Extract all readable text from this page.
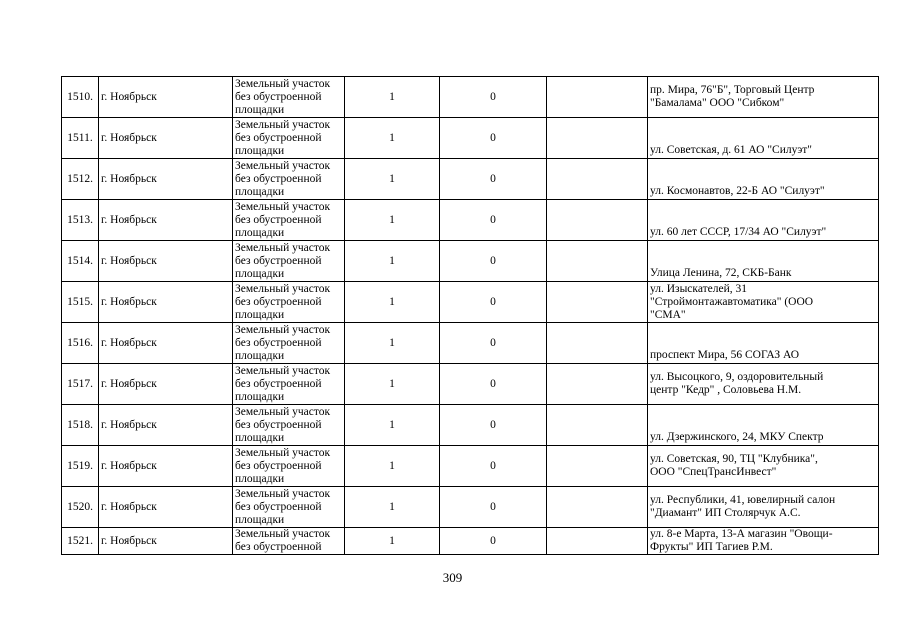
1510.	г. Ноябрьск	Земельный участок
без обустроенной
площадки	1	0		пр. Мира, 76"Б", Торговый Центр
"Бамалама" ООО "Сибком"

1511.	г. Ноябрьск	Земельный участок
без обустроенной
площадки	1	0		ул. Советская, д. 61 АО "Силуэт"

1512.	г. Ноябрьск	Земельный участок
без обустроенной
площадки	1	0		ул. Космонавтов, 22-Б АО "Силуэт"

1513.	г. Ноябрьск	Земельный участок
без обустроенной
площадки	1	0		ул. 60 лет СССР, 17/34 АО "Силуэт"

1514.	г. Ноябрьск	Земельный участок
без обустроенной
площадки	1	0		Улица Ленина, 72, СКБ-Банк

1515.	г. Ноябрьск	Земельный участок
без обустроенной
площадки	1	0		ул. Изыскателей, 31
"Строймонтажавтоматика" (ООО
"СМА"

1516.	г. Ноябрьск	Земельный участок
без обустроенной
площадки	1	0		проспект Мира, 56 СОГАЗ АО

1517.	г. Ноябрьск	Земельный участок
без обустроенной
площадки	1	0		ул. Высоцкого, 9, оздоровительный
центр "Кедр" , Соловьева Н.М.

1518.	г. Ноябрьск	Земельный участок
без обустроенной
площадки	1	0		ул. Дзержинского, 24, МКУ Спектр

1519.	г. Ноябрьск	Земельный участок
без обустроенной
площадки	1	0		ул. Советская, 90, ТЦ "Клубника",
ООО "СпецТрансИнвест"

1520.	г. Ноябрьск	Земельный участок
без обустроенной
площадки	1	0		ул. Республики, 41, ювелирный салон
"Диамант" ИП Столярчук А.С.

1521.	г. Ноябрьск	Земельный участок
без обустроенной	1	0		ул. 8-е Марта, 13-А магазин "Овощи-
Фрукты" ИП Тагиев Р.М.
309
